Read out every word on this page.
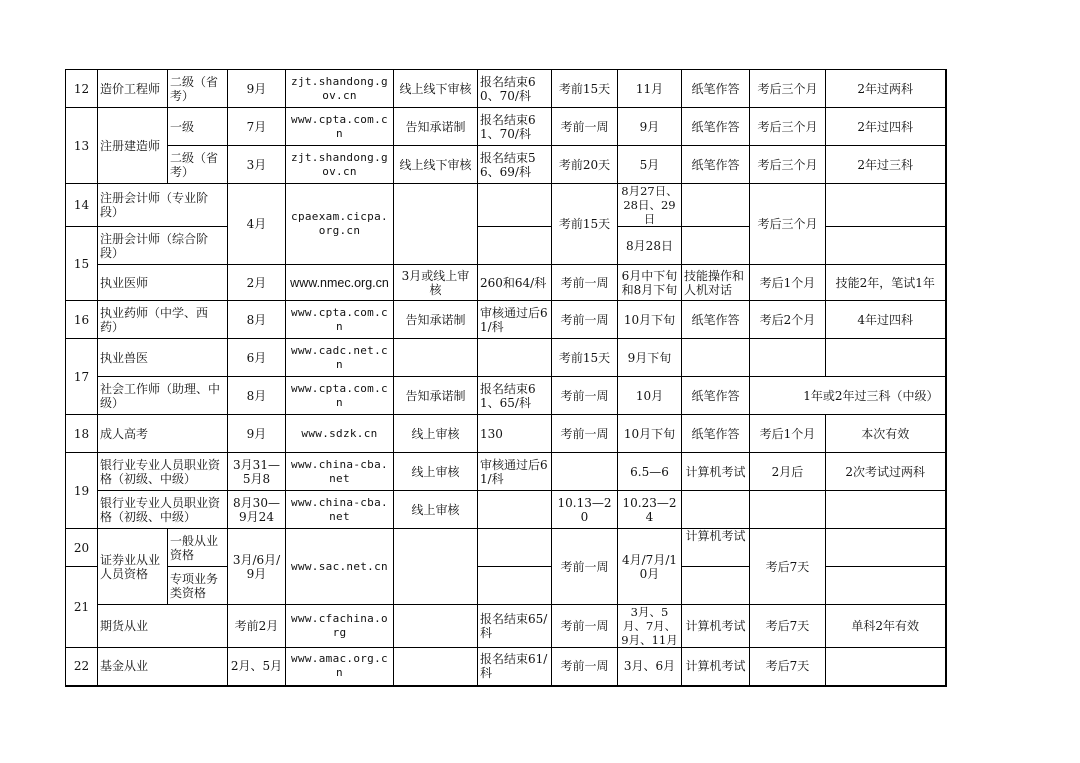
12	造价工程师	二级（省考）	9月	zjt.shandong.gov.cn	线上线下审核	报名结束60、70/科	考前15天	11月	纸笔作答	考后三个月	2年过两科
13	注册建造师	一级	7月	www.cpta.com.cn	告知承诺制	报名结束61、70/科	考前一周	9月	纸笔作答	考后三个月	2年过四科
		二级（省考）	3月	zjt.shandong.gov.cn	线上线下审核	报名结束56、69/科	考前20天	5月	纸笔作答	考后三个月	2年过三科
14	注册会计师（专业阶段）		4月	cpaexam.cicpa.org.cn			考前15天	8月27日、28日、29日		考后三个月	
15	注册会计师（综合阶段）							8月28日			
	执业医师		2月	www.nmec.org.cn	3月或线上审核	260和64/科	考前一周	6月中下旬和8月下旬	技能操作和人机对话	考后1个月	技能2年，笔试1年
16	执业药师（中学、西药）		8月	www.cpta.com.cn	告知承诺制	审核通过后61/科	考前一周	10月下旬	纸笔作答	考后2个月	4年过四科
17	执业兽医		6月	www.cadc.net.cn			考前15天	9月下旬			
	社会工作师（助理、中级）		8月	www.cpta.com.cn	告知承诺制	报名结束61、65/科	考前一周	10月	纸笔作答	1年或2年过三科（中级）	
18	成人高考		9月	www.sdzk.cn	线上审核	130	考前一周	10月下旬	纸笔作答	考后1个月	本次有效
19	银行业专业人员职业资格（初级、中级）		3月31—5月8	www.china-cba.net	线上审核	审核通过后61/科		6.5—6	计算机考试	2月后	2次考试过两科
	银行业专业人员职业资格（初级、中级）		8月30—9月24	www.china-cba.net	线上审核		10.13—20	10.23—24			
20	证券业从业人员资格	一般从业资格	3月/6月/9月	www.sac.net.cn			考前一周	4月/7月/10月	计算机考试	考后7天	
21		专项业务类资格									
	期货从业		考前2月	www.cfachina.org		报名结束65/科	考前一周	3月、5月、7月、9月、11月	计算机考试	考后7天	单科2年有效
22	基金从业		2月、5月	www.amac.org.cn		报名结束61/科	考前一周	3月、6月	计算机考试	考后7天	
